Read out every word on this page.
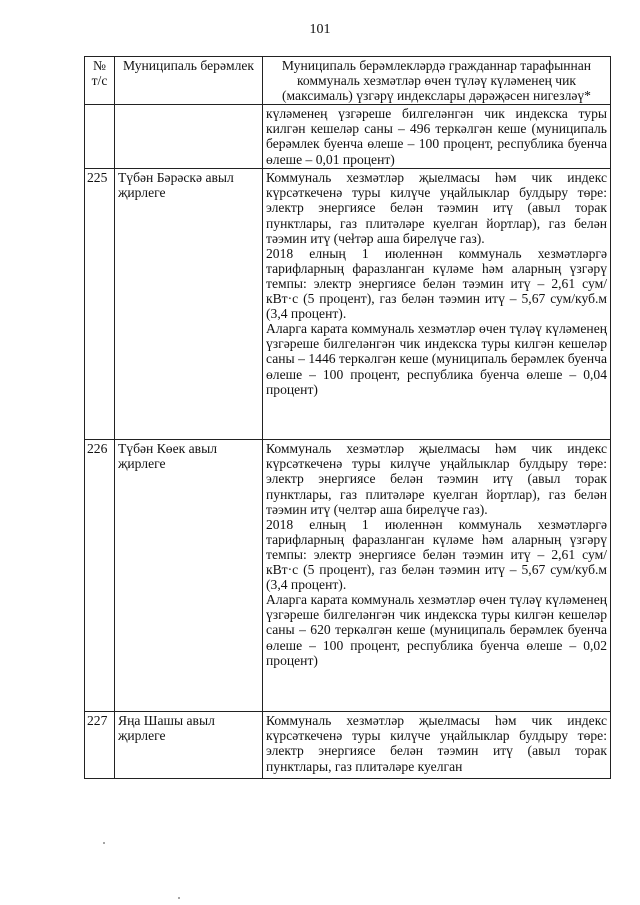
101
№ т/с	Муниципаль берәмлек	Муниципаль берәмлекләрдә гражданнар тарафыннан коммуналь хезмәтләр өчен түләү күләменең чик (максималь) үзгәрү индекслары дәрәҗәсен нигезләү*
		күләменең үзгәреше билгеләнгән чик индекска туры килгән кешеләр саны – 496 теркәлгән кеше (муниципаль берәмлек буенча өлеше – 100 процент, республика буенча өлеше – 0,01 процент)
225	Түбән Бәрәскә авыл җирлеге	Коммуналь хезмәтләр җыелмасы һәм чик индекс күрсәткеченә туры килүче уңайлыклар булдыру төре: электр энергиясе белән тәэмин итү (авыл торак пунктлары, газ плитәләре куелган йортлар), газ белән тәэмин итү (чełтәр аша бирелүче газ).

2018 елның 1 июленнән коммуналь хезмәтләргә тарифларның фаразланган күләме һәм аларның үзгәрү темпы: электр энергиясе белән тәэмин итү – 2,61 сум/кВт·с (5 процент), газ белән тәэмин итү – 5,67 сум/куб.м (3,4 процент).

Аларга карата коммуналь хезмәтләр өчен түләү күләменең үзгәреше билгеләнгән чик индекска туры килгән кешеләр саны – 1446 теркәлгән кеше (муниципаль берәмлек буенча өлеше – 100 процент, республика буенча өлеше – 0,04 процент)

226	Түбән Көек авыл җирлеге	Коммуналь хезмәтләр җыелмасы һәм чик индекс күрсәткеченә туры килүче уңайлыклар булдыру төре: электр энергиясе белән тәэмин итү (авыл торак пунктлары, газ плитәләре куелган йортлар), газ белән тәэмин итү (челтәр аша бирелүче газ).

2018 елның 1 июленнән коммуналь хезмәтләргә тарифларның фаразланган күләме һәм аларның үзгәрү темпы: электр энергиясе белән тәэмин итү – 2,61 сум/кВт·с (5 процент), газ белән тәэмин итү – 5,67 сум/куб.м (3,4 процент).

Аларга карата коммуналь хезмәтләр өчен түләү күләменең үзгәреше билгеләнгән чик индекска туры килгән кешеләр саны – 620 теркәлгән кеше (муниципаль берәмлек буенча өлеше – 100 процент, республика буенча өлеше – 0,02 процент)

227	Яңа Шашы авыл җирлеге	Коммуналь хезмәтләр җыелмасы һәм чик индекс күрсәткеченә туры килүче уңайлыклар булдыру төре: электр энергиясе белән тәэмин итү (авыл торак пунктлары, газ плитәләре куелган
